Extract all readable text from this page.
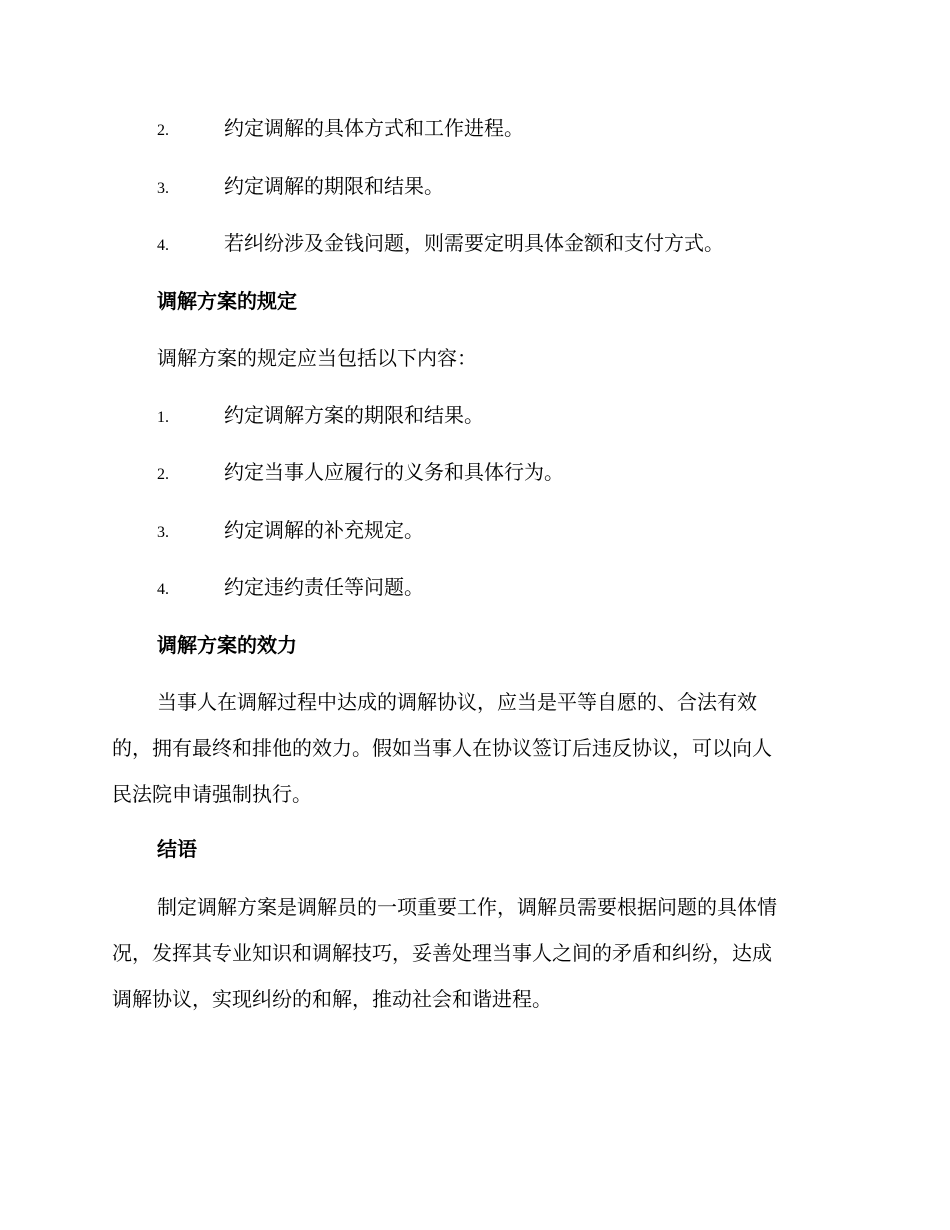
2.	约定调解的具体方式和工作进程。
3.	约定调解的期限和结果。
4.	若纠纷涉及金钱问题，则需要定明具体金额和支付方式。
调解方案的规定
调解方案的规定应当包括以下内容：
1.	约定调解方案的期限和结果。
2.	约定当事人应履行的义务和具体行为。
3.	约定调解的补充规定。
4.	约定违约责任等问题。
调解方案的效力
当事人在调解过程中达成的调解协议，应当是平等自愿的、合法有效
的，拥有最终和排他的效力。假如当事人在协议签订后违反协议，可以向人
民法院申请强制执行。
结语
制定调解方案是调解员的一项重要工作，调解员需要根据问题的具体情
况，发挥其专业知识和调解技巧，妥善处理当事人之间的矛盾和纠纷，达成
调解协议，实现纠纷的和解，推动社会和谐进程。
